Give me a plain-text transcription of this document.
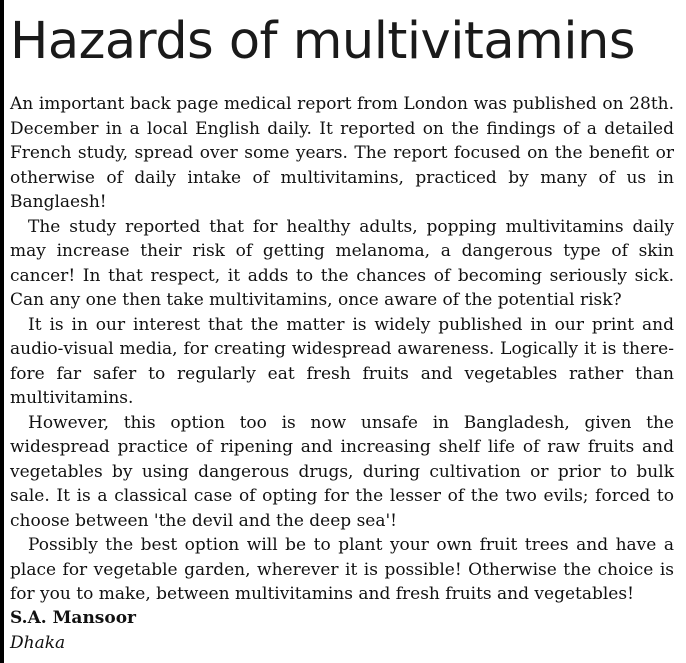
Hazards of multivitamins

An important back page medical report from London was published on 28th. December in a local English daily. It reported on the findings of a detailed French study, spread over some years. The report focused on the benefit or otherwise of daily intake of multivitamins, practiced by many of us in Banglaesh!

The study reported that for healthy adults, popping multivitamins daily may increase their risk of getting melanoma, a dangerous type of skin cancer! In that respect, it adds to the chances of becoming seriously sick. Can any one then take multivitamins, once aware of the potential risk?

It is in our interest that the matter is widely published in our print and audio-visual media, for creating widespread awareness. Logically it is therefore far safer to regularly eat fresh fruits and vegetables rather than multivitamins.

However, this option too is now unsafe in Bangladesh, given the widespread practice of ripening and increasing shelf life of raw fruits and vegetables by using dangerous drugs, during cultivation or prior to bulk sale. It is a classical case of opting for the lesser of the two evils; forced to choose between 'the devil and the deep sea'!

Possibly the best option will be to plant your own fruit trees and have a place for vegetable garden, wherever it is possible! Otherwise the choice is for you to make, between multivitamins and fresh fruits and vegetables!

S.A. Mansoor
Dhaka
